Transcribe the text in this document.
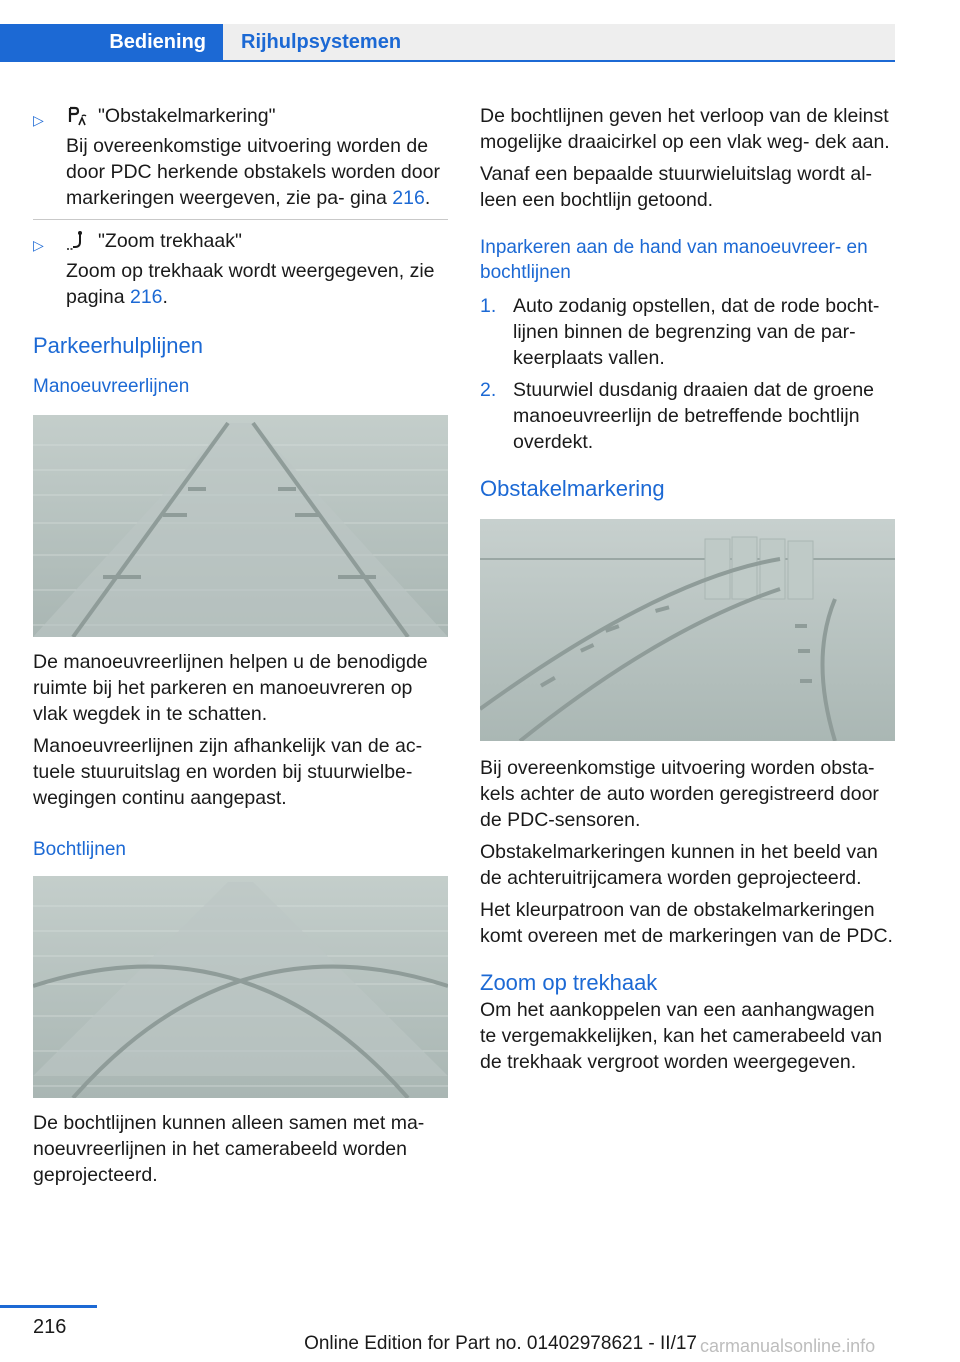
Bediening	Rijhulpsystemen
▷	"Obstakelmarkering"

Bij overeenkomstige uitvoering worden de door PDC herkende obstakels worden door markeringen weergeven, zie pa‐ gina 216.

▷	"Zoom trekhaak"

Zoom op trekhaak wordt weergegeven, zie pagina 216.

Parkeerhulplijnen
Manoeuvreerlijnen

De manoeuvreerlijnen helpen u de benodigde ruimte bij het parkeren en manoeuvreren op vlak wegdek in te schatten.

Manoeuvreerlijnen zijn afhankelijk van de ac‐ tuele stuuruitslag en worden bij stuurwielbe‐ wegingen continu aangepast.

Bochtlijnen

De bochtlijnen kunnen alleen samen met ma‐ noeuvreerlijnen in het camerabeeld worden geprojecteerd.

De bochtlijnen geven het verloop van de kleinst mogelijke draaicirkel op een vlak weg‐ dek aan.

Vanaf een bepaalde stuurwieluitslag wordt al‐ leen een bochtlijn getoond.

Inparkeren aan de hand van manoeuvreer‐ en bochtlijnen
1. Auto zodanig opstellen, dat de rode bocht‐ lijnen binnen de begrenzing van de par‐ keerplaats vallen.
2. Stuurwiel dusdanig draaien dat de groene manoeuvreerlijn de betreffende bochtlijn overdekt.
Obstakelmarkering

Bij overeenkomstige uitvoering worden obsta‐ kels achter de auto worden geregistreerd door de PDC-sensoren.

Obstakelmarkeringen kunnen in het beeld van de achteruitrijcamera worden geprojecteerd.

Het kleurpatroon van de obstakelmarkeringen komt overeen met de markeringen van de PDC.

Zoom op trekhaak

Om het aankoppelen van een aanhangwagen te vergemakkelijken, kan het camerabeeld van de trekhaak vergroot worden weergegeven.

216
Online Edition for Part no. 01402978621 - II/17 carmanualsonline.info
